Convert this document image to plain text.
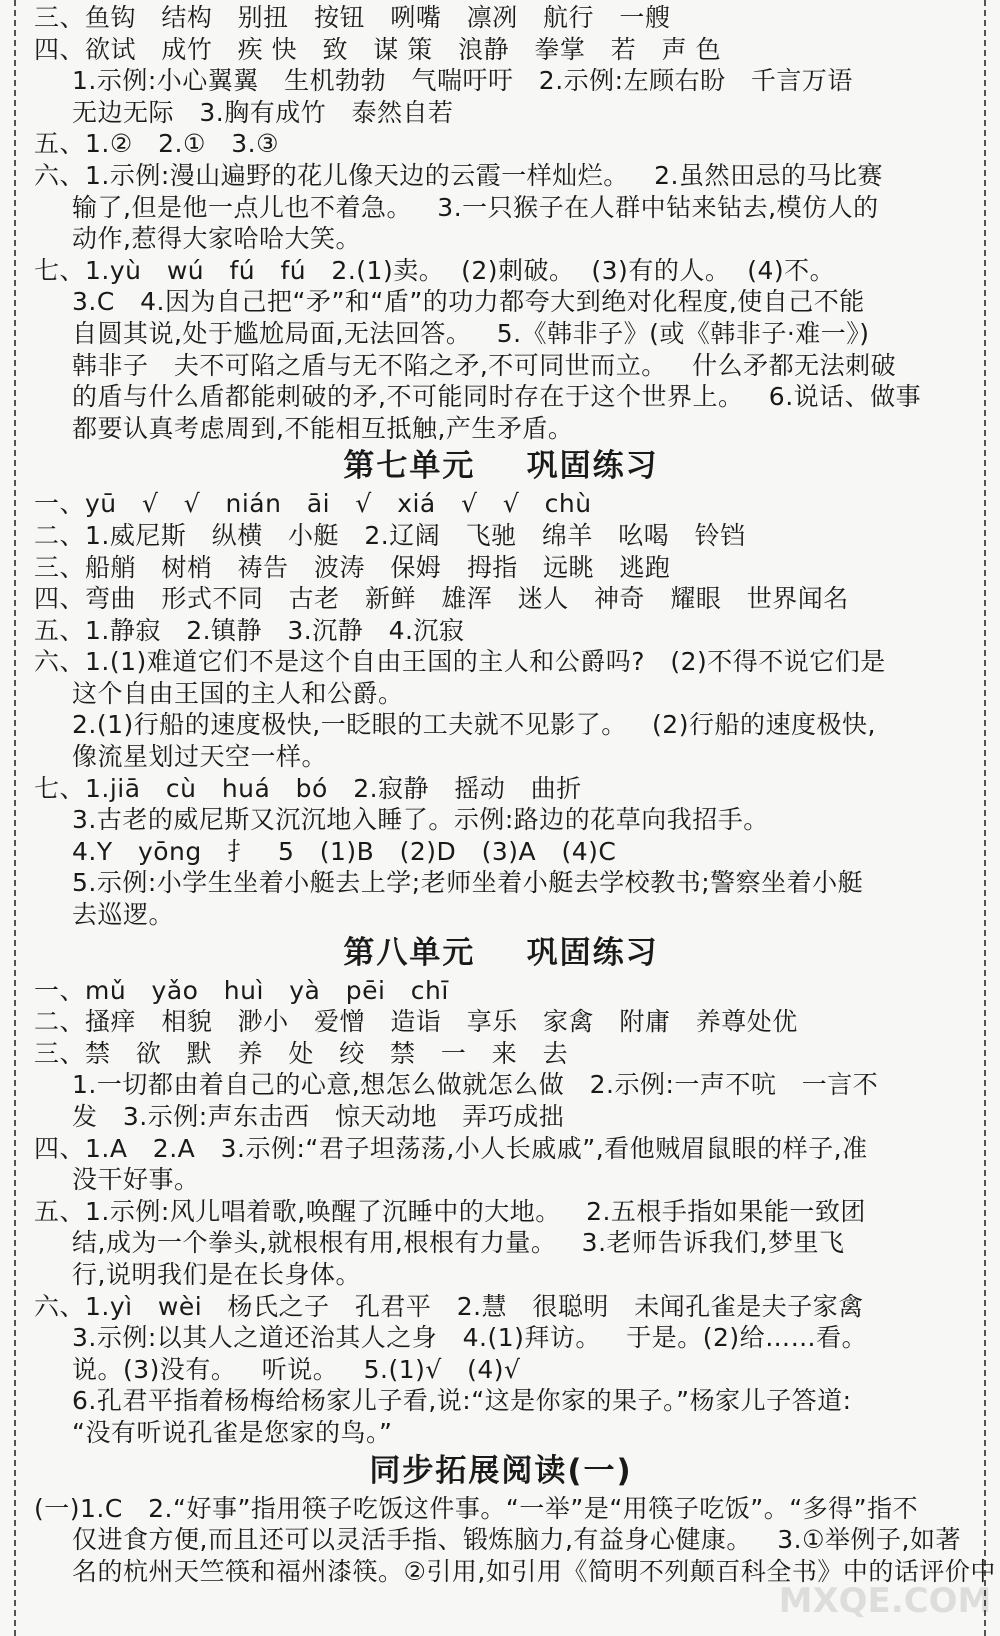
三、鱼钩   结构   别扭   按钮   咧嘴   凛冽   航行   一艘
四、欲试   成竹   疾 快   致   谋 策   浪静   拳掌   若   声 色
1.示例:小心翼翼   生机勃勃   气喘吁吁   2.示例:左顾右盼   千言万语
无边无际   3.胸有成竹   泰然自若
五、1.②   2.①   3.③
六、1.示例:漫山遍野的花儿像天边的云霞一样灿烂。   2.虽然田忌的马比赛
输了,但是他一点儿也不着急。   3.一只猴子在人群中钻来钻去,模仿人的
动作,惹得大家哈哈大笑。
七、1.yù   wú   fú   fú   2.(1)卖。  (2)刺破。  (3)有的人。  (4)不。
3.C   4.因为自己把“矛”和“盾”的功力都夸大到绝对化程度,使自己不能
自圆其说,处于尴尬局面,无法回答。   5.《韩非子》(或《韩非子·难一》)
韩非子   夫不可陷之盾与无不陷之矛,不可同世而立。   什么矛都无法刺破
的盾与什么盾都能刺破的矛,不可能同时存在于这个世界上。   6.说话、做事
都要认真考虑周到,不能相互抵触,产生矛盾。
第七单元    巩固练习
一、yū   √   √   nián   āi   √   xiá   √   √   chù
二、1.威尼斯   纵横   小艇   2.辽阔   飞驰   绵羊   吆喝   铃铛
三、船艄   树梢   祷告   波涛   保姆   拇指   远眺   逃跑
四、弯曲   形式不同   古老   新鲜   雄浑   迷人   神奇   耀眼   世界闻名
五、1.静寂   2.镇静   3.沉静   4.沉寂
六、1.(1)难道它们不是这个自由王国的主人和公爵吗?   (2)不得不说它们是
这个自由王国的主人和公爵。
2.(1)行船的速度极快,一眨眼的工夫就不见影了。   (2)行船的速度极快,
像流星划过天空一样。
七、1.jiā   cù   huá   bó   2.寂静   摇动   曲折
3.古老的威尼斯又沉沉地入睡了。示例:路边的花草向我招手。
4.Y   yōng   扌   5   (1)B   (2)D   (3)A   (4)C
5.示例:小学生坐着小艇去上学;老师坐着小艇去学校教书;警察坐着小艇
去巡逻。
第八单元    巩固练习
一、mǔ   yǎo   huì   yà   pēi   chī
二、搔痒   相貌   渺小   爱憎   造诣   享乐   家禽   附庸   养尊处优
三、禁   欲   默   养   处   绞   禁   一   来   去
1.一切都由着自己的心意,想怎么做就怎么做   2.示例:一声不吭   一言不
发   3.示例:声东击西   惊天动地   弄巧成拙
四、1.A   2.A   3.示例:“君子坦荡荡,小人长戚戚”,看他贼眉鼠眼的样子,准
没干好事。
五、1.示例:风儿唱着歌,唤醒了沉睡中的大地。   2.五根手指如果能一致团
结,成为一个拳头,就根根有用,根根有力量。   3.老师告诉我们,梦里飞
行,说明我们是在长身体。
六、1.yì   wèi   杨氏之子   孔君平   2.慧   很聪明   未闻孔雀是夫子家禽
3.示例:以其人之道还治其人之身   4.(1)拜访。   于是。(2)给……看。
说。(3)没有。   听说。   5.(1)√   (4)√
6.孔君平指着杨梅给杨家儿子看,说:“这是你家的果子。”杨家儿子答道:
“没有听说孔雀是您家的鸟。”
同步拓展阅读(一)
(一)1.C   2.“好事”指用筷子吃饭这件事。“一举”是“用筷子吃饭”。“多得”指不
仅进食方便,而且还可以灵活手指、锻炼脑力,有益身心健康。   3.①举例子,如著
名的杭州天竺筷和福州漆筷。②引用,如引用《简明不列颠百科全书》中的话评价中
MXQE.COM
